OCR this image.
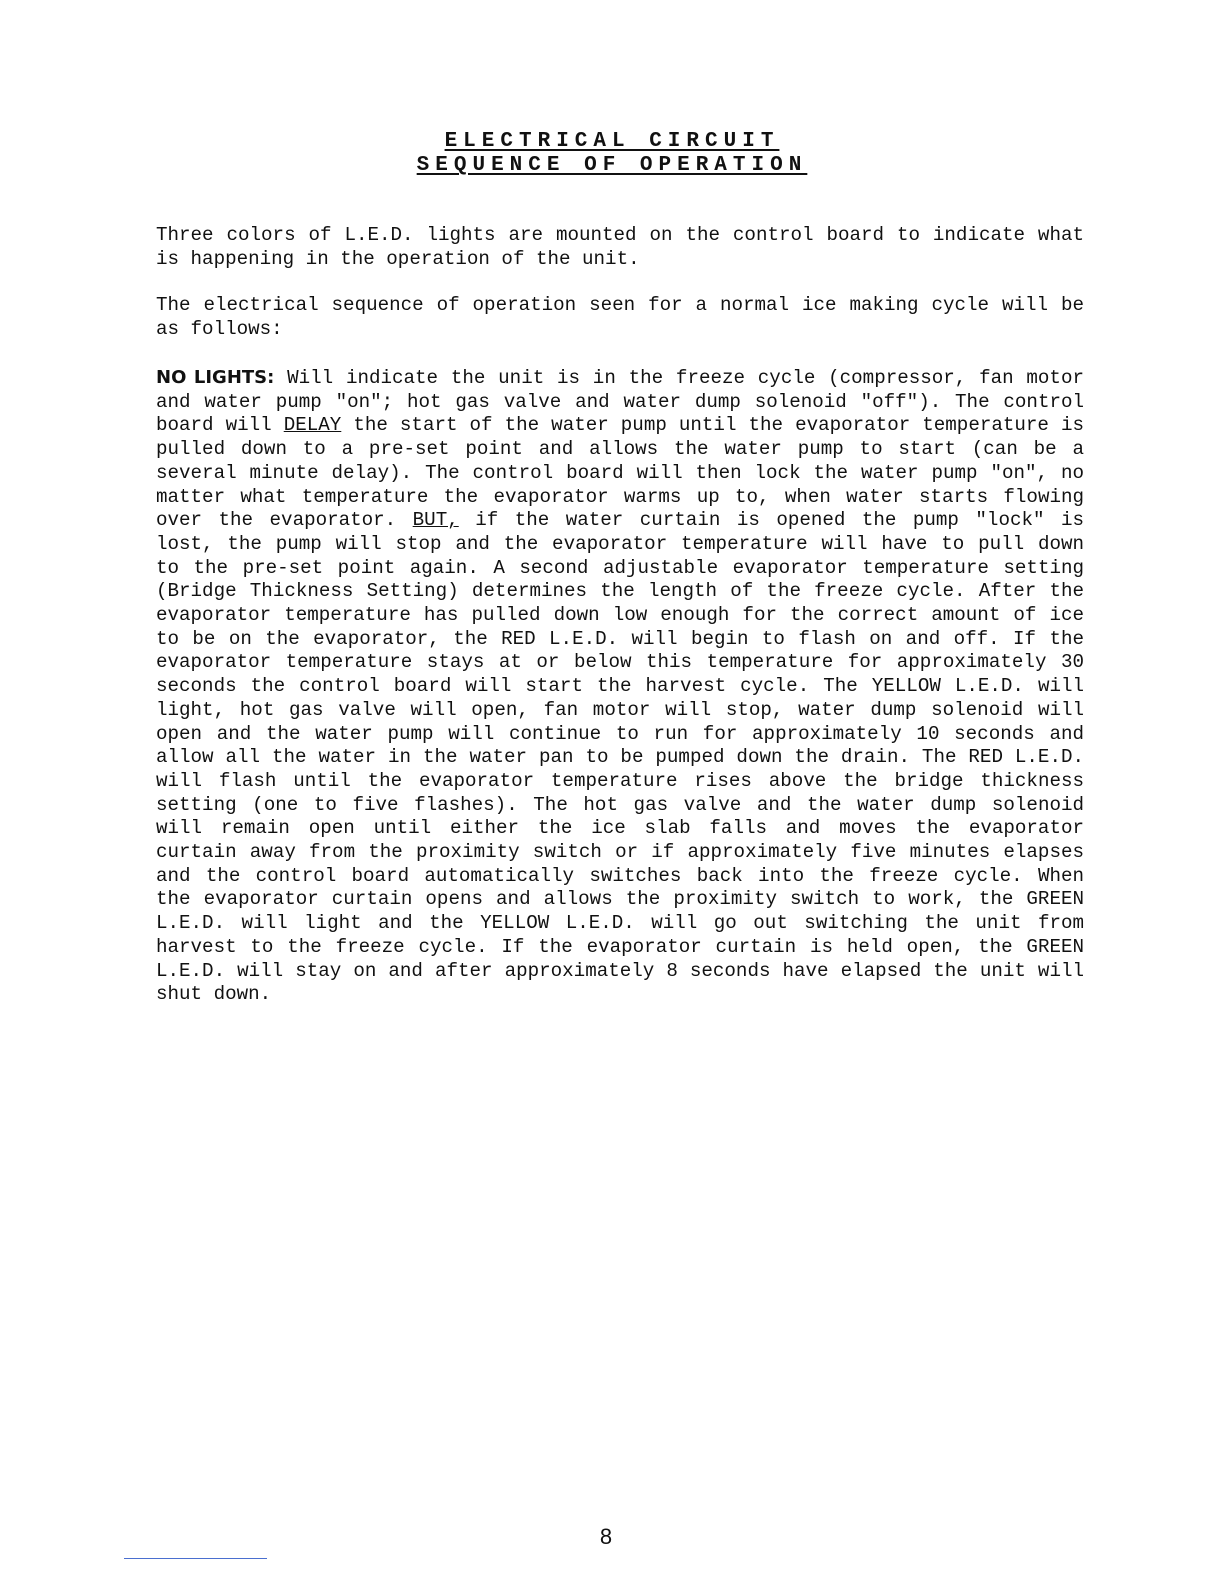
ELECTRICAL CIRCUIT
SEQUENCE OF OPERATION

Three colors of L.E.D. lights are mounted on the control board to indicate what is happening in the operation of the unit.

The electrical sequence of operation seen for a normal ice making cycle will be as follows:

NO LIGHTS: Will indicate the unit is in the freeze cycle (compressor, fan motor and water pump "on"; hot gas valve and water dump solenoid "off"). The control board will DELAY the start of the water pump until the evaporator temperature is pulled down to a pre-set point and allows the water pump to start (can be a several minute delay). The control board will then lock the water pump "on", no matter what temperature the evaporator warms up to, when water starts flowing over the evaporator. BUT, if the water curtain is opened the pump "lock" is lost, the pump will stop and the evaporator temperature will have to pull down to the pre-set point again. A second adjustable evaporator temperature setting (Bridge Thickness Setting) determines the length of the freeze cycle. After the evaporator temperature has pulled down low enough for the correct amount of ice to be on the evaporator, the RED L.E.D. will begin to flash on and off. If the evaporator temperature stays at or below this temperature for approximately 30 seconds the control board will start the harvest cycle. The YELLOW L.E.D. will light, hot gas valve will open, fan motor will stop, water dump solenoid will open and the water pump will continue to run for approximately 10 seconds and allow all the water in the water pan to be pumped down the drain. The RED L.E.D. will flash until the evaporator temperature rises above the bridge thickness setting (one to five flashes). The hot gas valve and the water dump solenoid will remain open until either the ice slab falls and moves the evaporator curtain away from the proximity switch or if approximately five minutes elapses and the control board automatically switches back into the freeze cycle. When the evaporator curtain opens and allows the proximity switch to work, the GREEN L.E.D. will light and the YELLOW L.E.D. will go out switching the unit from harvest to the freeze cycle. If the evaporator curtain is held open, the GREEN L.E.D. will stay on and after approximately 8 seconds have elapsed the unit will shut down.

8
